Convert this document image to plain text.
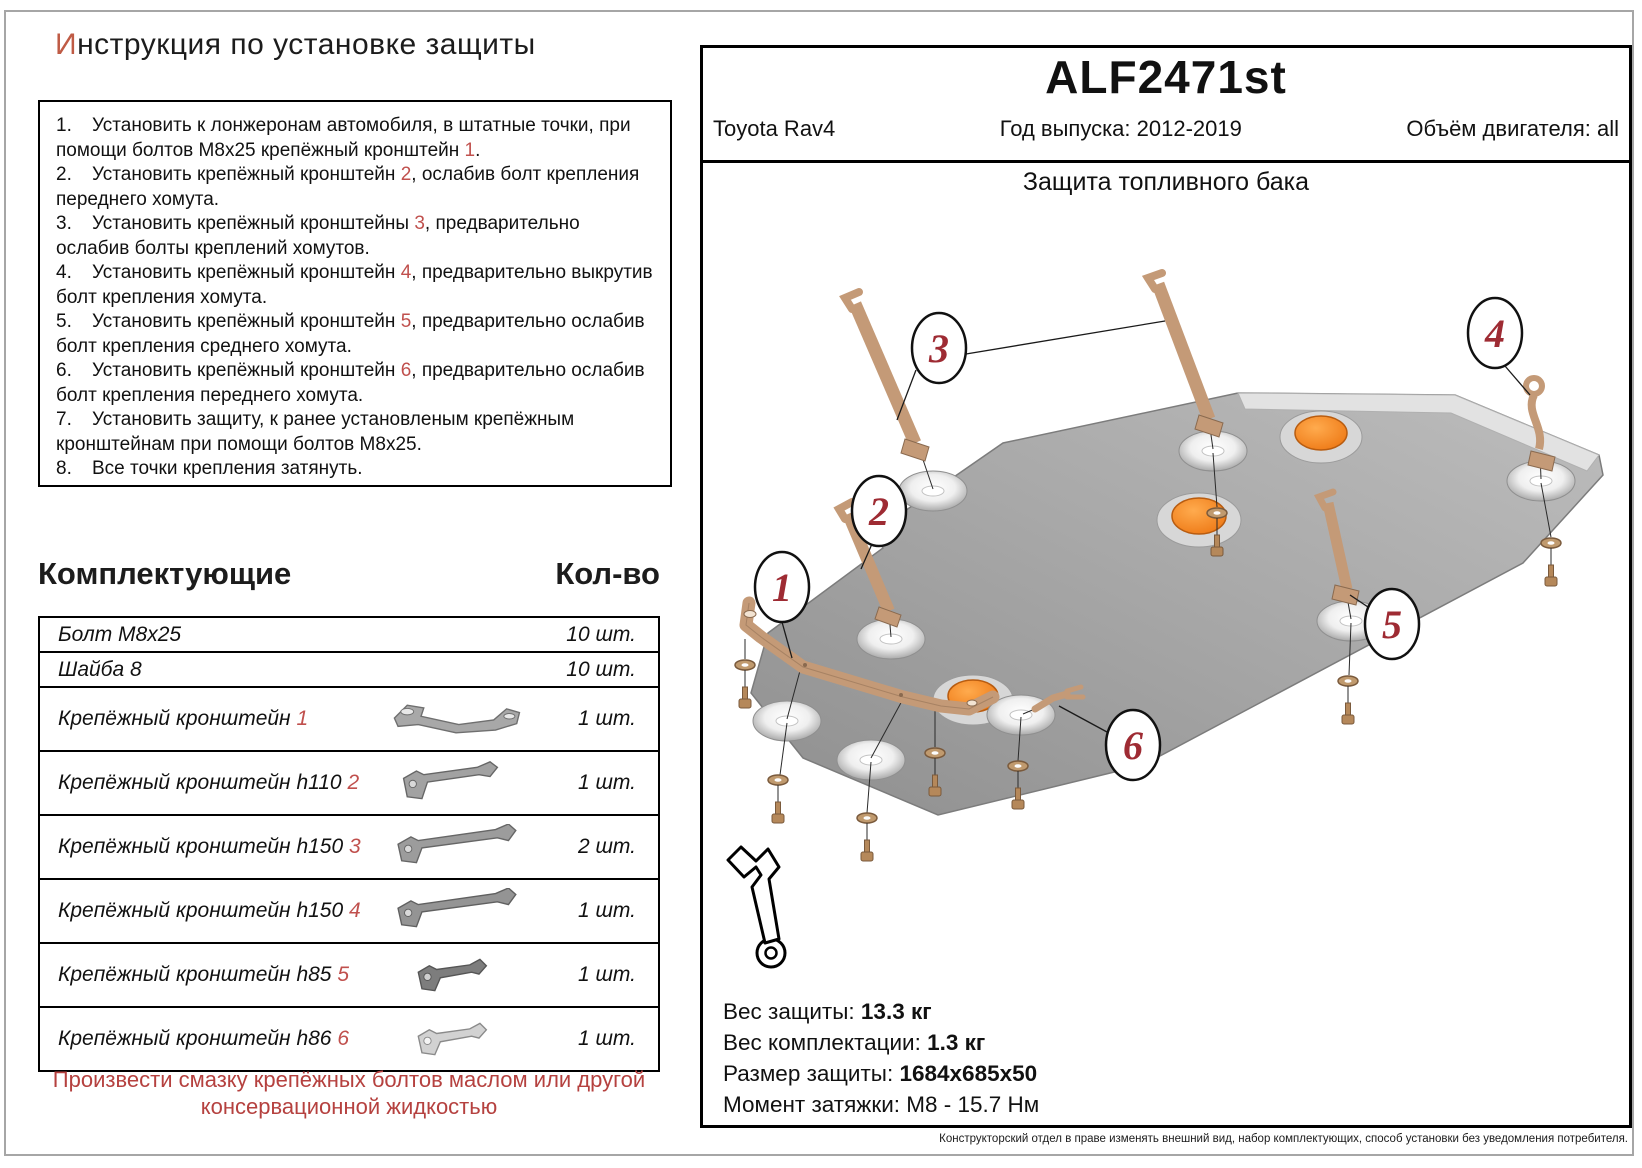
Инструкция по установке защиты
1. Установить к лонжеронам автомобиля, в штатные точки, при помощи болтов М8х25 крепёжный кронштейн 1.
2. Установить крепёжный кронштейн 2, ослабив болт крепления переднего хомута.
3. Установить крепёжный кронштейны 3, предварительно ослабив болты креплений хомутов.
4. Установить крепёжный кронштейн 4, предварительно выкрутив болт крепления хомута.
5. Установить крепёжный кронштейн 5, предварительно ослабив болт крепления среднего хомута.
6. Установить крепёжный кронштейн 6, предварительно ослабив болт крепления переднего хомута.
7. Установить защиту, к ранее установленым крепёжным кронштейнам при помощи болтов М8х25.
8. Все точки крепления затянуть.
Комплектующие	Кол-во
Болт М8х25	10 шт.
Шайба 8	10 шт.
Крепёжный кронштейн 1	1 шт.
Крепёжный кронштейн h110 2	1 шт.
Крепёжный кронштейн h150 3	2 шт.
Крепёжный кронштейн h150 4	1 шт.
Крепёжный кронштейн h85 5	1 шт.
Крепёжный кронштейн h86 6	1 шт.
Произвести смазку крепёжных болтов маслом или другой консервационной жидкостью
ALF2471st
Toyota Rav4	Год выпуска: 2012-2019	Объём двигателя: all
Защита топливного бака
1
2
3	4
5
6
Вес защиты: 13.3 кг
Вес комплектации: 1.3 кг
Размер защиты: 1684x685x50
Момент затяжки: М8 - 15.7 Нм
Конструкторский отдел в праве изменять внешний вид, набор комплектующих, способ установки без уведомления потребителя.
